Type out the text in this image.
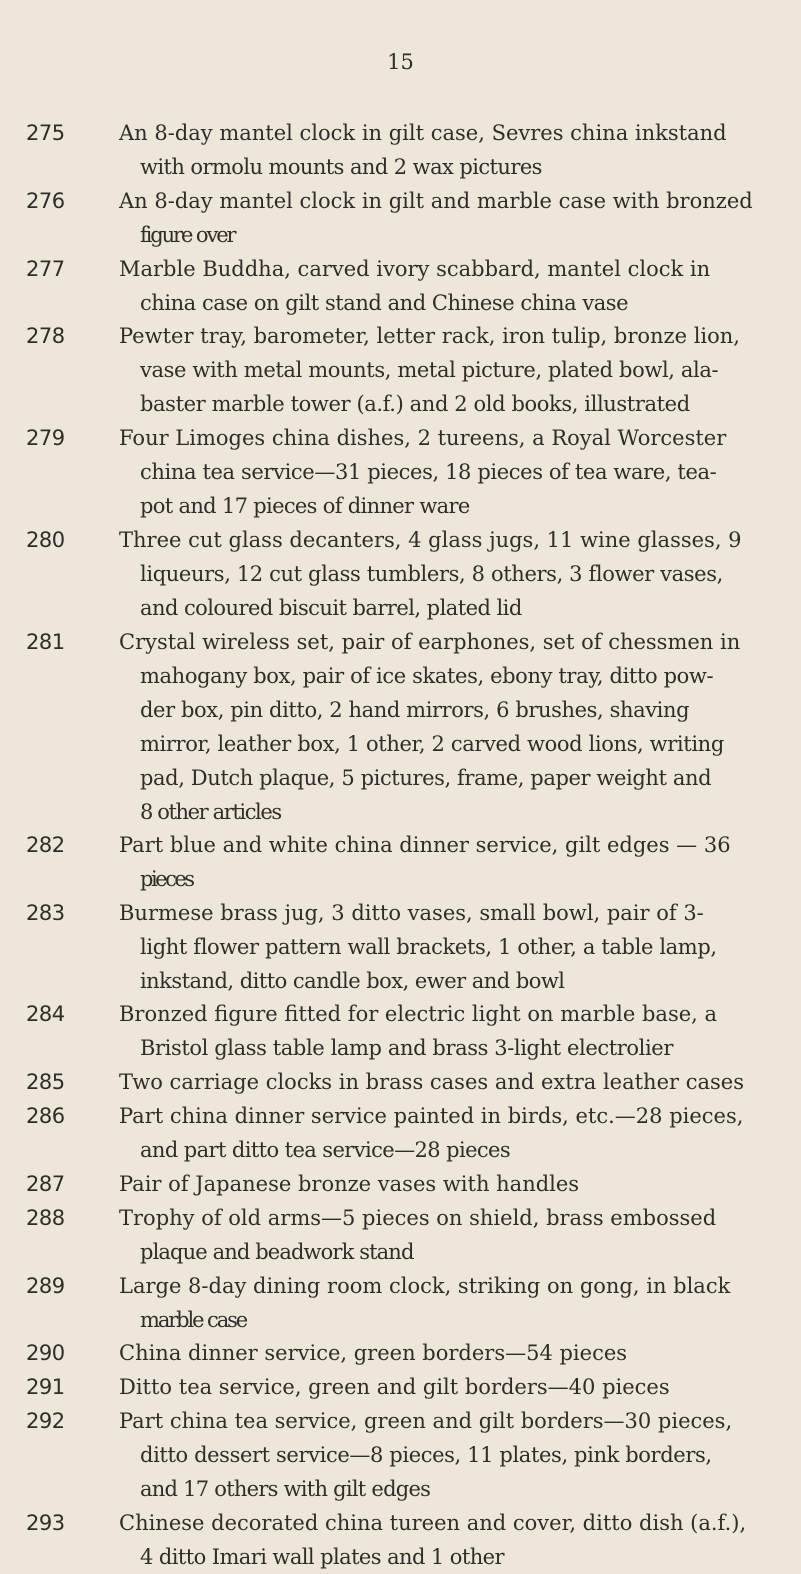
15
275	An 8-day mantel clock in gilt case, Sevres china inkstand
with ormolu mounts and 2 wax pictures

276	An 8-day mantel clock in gilt and marble case with bronzed
figure over

277	Marble Buddha, carved ivory scabbard, mantel clock in
china case on gilt stand and Chinese china vase

278	Pewter tray, barometer, letter rack, iron tulip, bronze lion,
vase with metal mounts, metal picture, plated bowl, ala-
baster marble tower (a.f.) and 2 old books, illustrated

279	Four Limoges china dishes, 2 tureens, a Royal Worcester
china tea service—31 pieces, 18 pieces of tea ware, tea-
pot and 17 pieces of dinner ware

280	Three cut glass decanters, 4 glass jugs, 11 wine glasses, 9
liqueurs, 12 cut glass tumblers, 8 others, 3 flower vases,
and coloured biscuit barrel, plated lid

281	Crystal wireless set, pair of earphones, set of chessmen in
mahogany box, pair of ice skates, ebony tray, ditto pow-
der box, pin ditto, 2 hand mirrors, 6 brushes, shaving
mirror, leather box, 1 other, 2 carved wood lions, writing
pad, Dutch plaque, 5 pictures, frame, paper weight and
8 other articles

282	Part blue and white china dinner service, gilt edges — 36
pieces

283	Burmese brass jug, 3 ditto vases, small bowl, pair of 3-
light flower pattern wall brackets, 1 other, a table lamp,
inkstand, ditto candle box, ewer and bowl

284	Bronzed figure fitted for electric light on marble base, a
Bristol glass table lamp and brass 3-light electrolier

285	Two carriage clocks in brass cases and extra leather cases

286	Part china dinner service painted in birds, etc.—28 pieces,
and part ditto tea service—28 pieces

287	Pair of Japanese bronze vases with handles

288	Trophy of old arms—5 pieces on shield, brass embossed
plaque and beadwork stand

289	Large 8-day dining room clock, striking on gong, in black
marble case

290	China dinner service, green borders—54 pieces

291	Ditto tea service, green and gilt borders—40 pieces

292	Part china tea service, green and gilt borders—30 pieces,
ditto dessert service—8 pieces, 11 plates, pink borders,
and 17 others with gilt edges

293	Chinese decorated china tureen and cover, ditto dish (a.f.),
4 ditto Imari wall plates and 1 other
